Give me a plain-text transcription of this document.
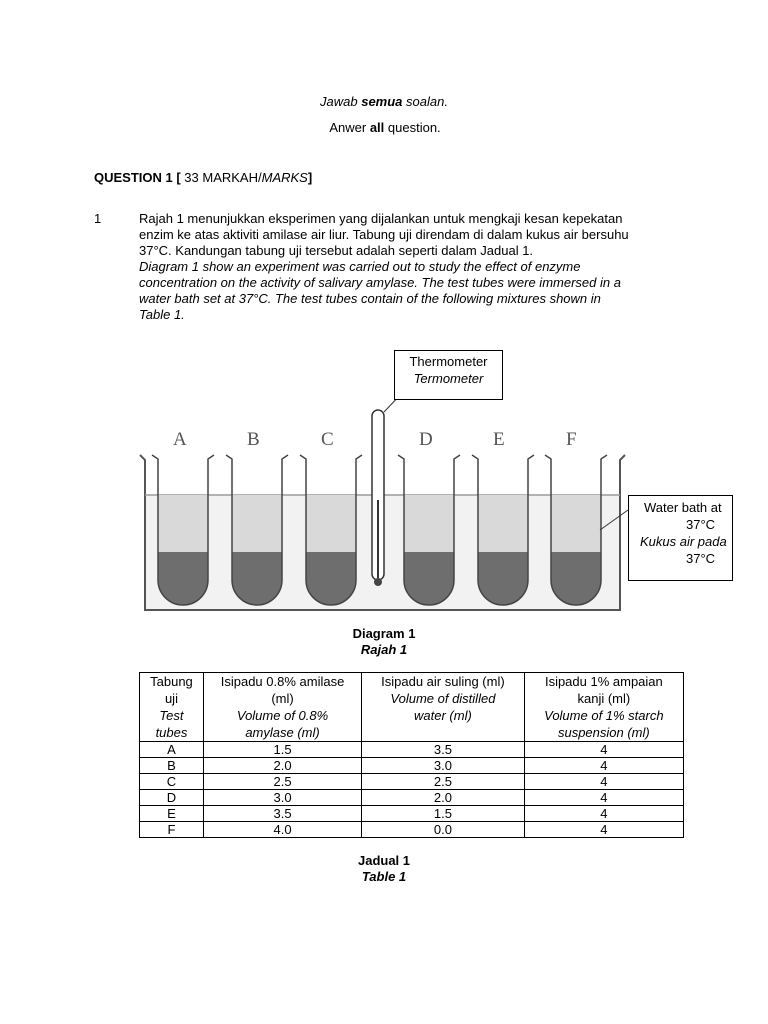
Jawab semua soalan.
Anwer all question.
QUESTION 1 [ 33 MARKAH/MARKS]
1	Rajah 1 menunjukkan eksperimen yang dijalankan untuk mengkaji kesan kepekatan
enzim ke atas aktiviti amilase air liur. Tabung uji direndam di dalam kukus air bersuhu
37°C. Kandungan tabung uji tersebut adalah seperti dalam Jadual 1.
Diagram 1 show an experiment was carried out to study the effect of enzyme
concentration on the activity of salivary amylase. The test tubes were immersed in a
water bath set at 37°C. The test tubes contain of the following mixtures shown in
Table 1.
A	B	C	D	E	F
Thermometer
Termometer
Water bath at
37°C
Kukus air pada
37°C
Diagram 1
Rajah 1
Tabung
uji
Test
tubes	Isipadu 0.8% amilase
(ml)
Volume of 0.8%
amylase (ml)	Isipadu air suling (ml)
Volume of distilled
water (ml)	Isipadu 1% ampaian
kanji (ml)
Volume of 1% starch
suspension (ml)

A	1.5	3.5	4
B	2.0	3.0	4
C	2.5	2.5	4
D	3.0	2.0	4
E	3.5	1.5	4
F	4.0	0.0	4
Jadual 1
Table 1
